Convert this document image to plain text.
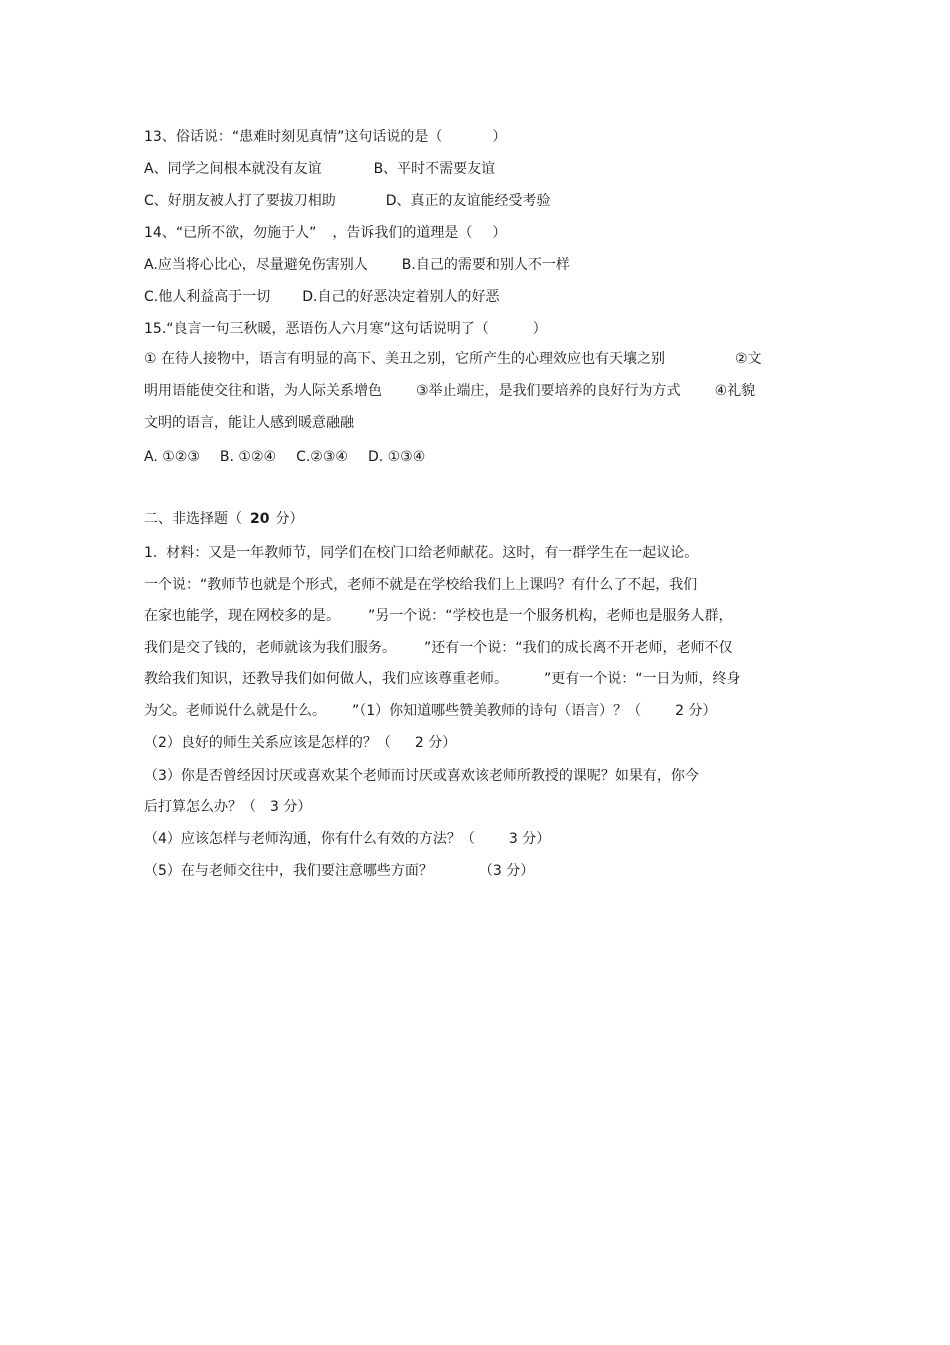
13、俗话说：“患难时刻见真情”这句话说的是（	）
A、同学之间根本就没有友谊	B、平时不需要友谊
C、好朋友被人打了要拔刀相助	D、真正的友谊能经受考验
14、“已所不欲，勿施于人” ，告诉我们的道理是（ ）
A.应当将心比心，尽量避免伤害别人 B.自己的需要和别人不一样
C.他人利益高于一切 D.自己的好恶决定着别人的好恶
15.“良言一句三秋暖，恶语伤人六月寒”这句话说明了（	）
① 在待人接物中，语言有明显的高下、美丑之别，它所产生的心理效应也有天壤之别	②文
明用语能使交往和谐，为人际关系增色 ③举止端庄，是我们要培养的良好行为方式 ④礼貌
文明的语言，能让人感到暖意融融
A. ①②③ B. ①②④ C.②③④ D. ①③④
二、非选择题（ 20 分）
1.  材料：又是一年教师节，同学们在校门口给老师献花。这时，有一群学生在一起议论。
一个说：“教师节也就是个形式，老师不就是在学校给我们上上课吗？有什么了不起，我们
在家也能学，现在网校多的是。 ”另一个说：“学校也是一个服务机构，老师也是服务人群，
我们是交了钱的，老师就该为我们服务。 ”还有一个说：“我们的成长离不开老师，老师不仅
教给我们知识，还教导我们如何做人，我们应该尊重老师。	”更有一个说：“一日为师，终身
为父。老师说什么就是什么。 ”（1）你知道哪些赞美教师的诗句（语言）？（ 2 分）
（2）良好的师生关系应该是怎样的？（ 2 分）
（3）你是否曾经因讨厌或喜欢某个老师而讨厌或喜欢该老师所教授的课呢？如果有，你今
后打算怎么办？（ 3 分）
（4）应该怎样与老师沟通，你有什么有效的方法？（ 3 分）
（5）在与老师交往中，我们要注意哪些方面？	（3 分）
